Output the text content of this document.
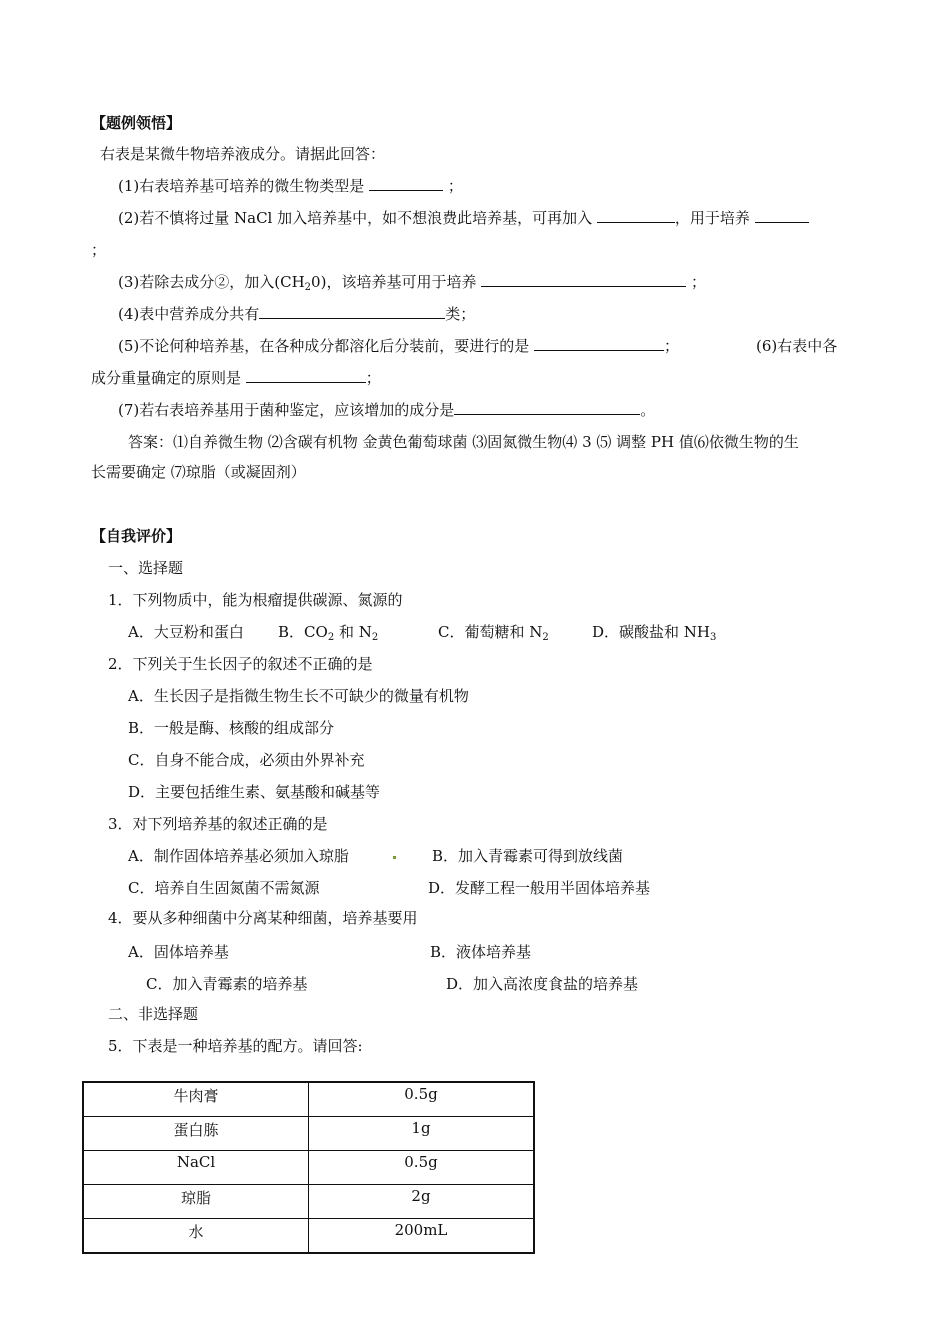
【题例领悟】
右表是某微牛物培养液成分。请据此回答：
(1)右表培养基可培养的微生物类型是	；
(2)若不慎将过量 NaCl 加入培养基中，如不想浪费此培养基，可再加入	，用于培养
；
(3)若除去成分②，加入$(CH_20)$，该培养基可用于培养	；
(4)表中营养成分共有	类；
(5)不论何种培养基，在各种成分都溶化后分装前，要进行的是	；	(6)右表中各
成分重量确定的原则是	；
(7)若右表培养基用于菌种鉴定，应该增加的成分是	。
答案：⑴自养微生物 ⑵含碳有机物 金黄色葡萄球菌 ⑶固氮微生物⑷ 3 ⑸ 调整 PH 值⑹依微生物的生
长需要确定 ⑺琼脂（或凝固剂）
【自我评价】
一、选择题
1．下列物质中，能为根瘤提供碳源、氮源的
A．大豆粉和蛋白 B．$CO_2$ 和 $N_2$	C．葡萄糖和 $N_2$	D．碳酸盐和 $NH_3$
2．下列关于生长因子的叙述不正确的是
A．生长因子是指微生物生长不可缺少的微量有机物
B．一般是酶、核酸的组成部分
C．自身不能合成，必须由外界补充
D．主要包括维生素、氨基酸和碱基等
3．对下列培养基的叙述正确的是
A．制作固体培养基必须加入琼脂	B．加入青霉素可得到放线菌
C．培养自生固氮菌不需氮源	D．发酵工程一般用半固体培养基
4．要从多种细菌中分离某种细菌，培养基要用
A．固体培养基	B．液体培养基
C．加入青霉素的培养基	D．加入高浓度食盐的培养基
二、非选择题
5．下表是一种培养基的配方。请回答:
牛肉膏	0.5g
蛋白胨	1g
NaCl	0.5g
琼脂	2g
水	200mL
